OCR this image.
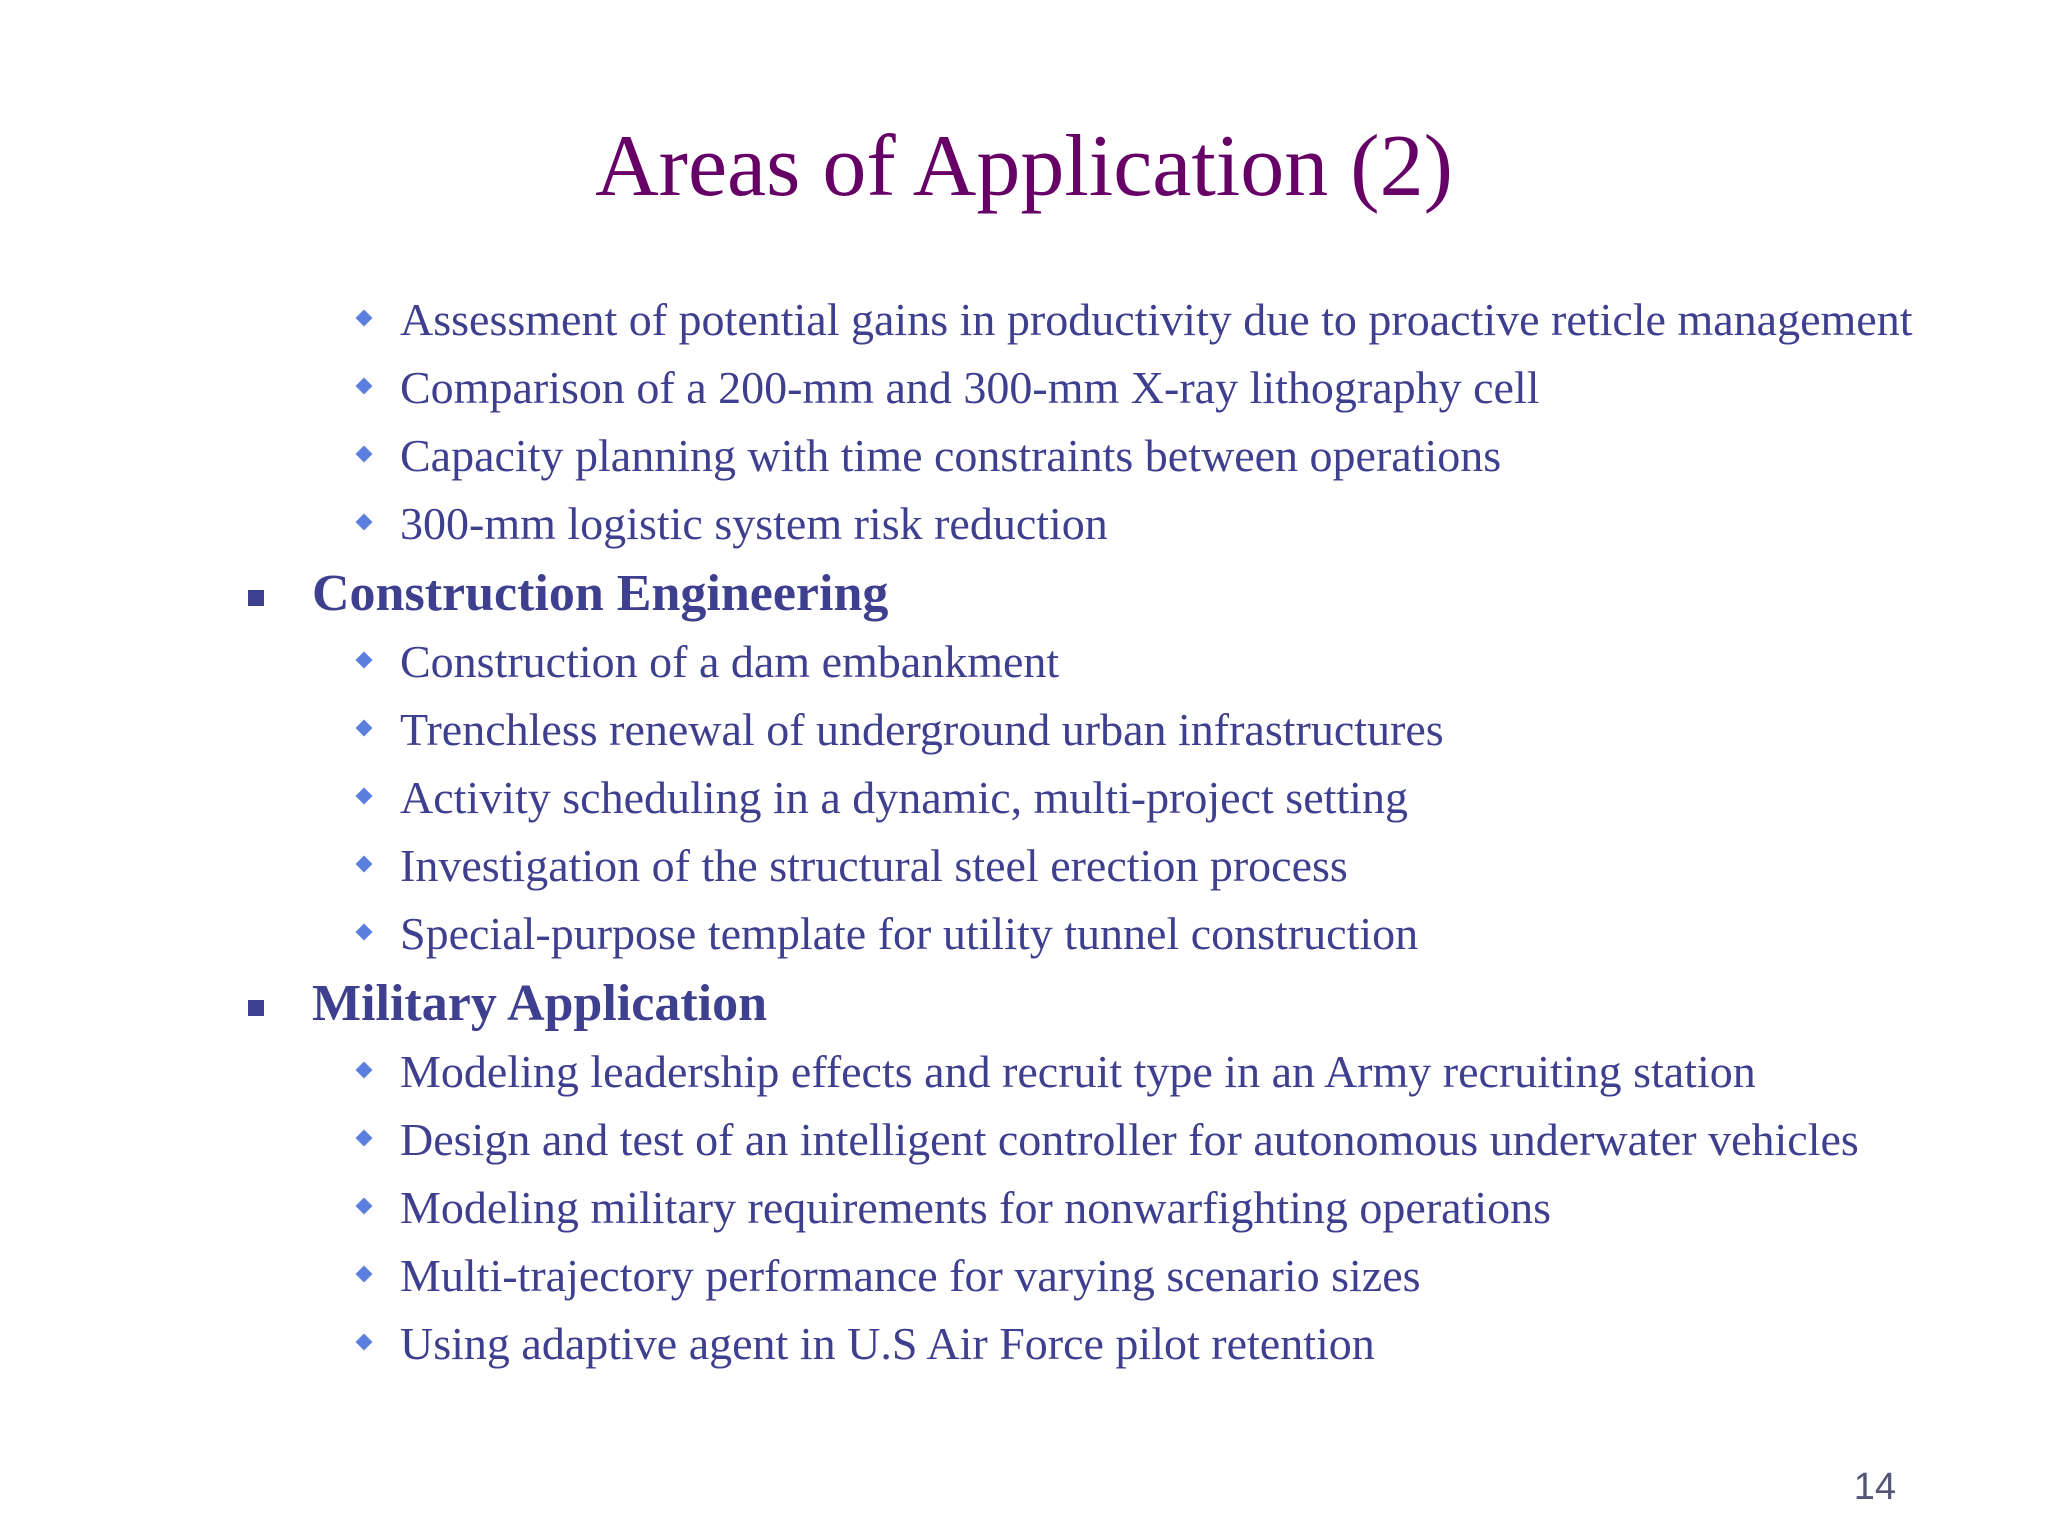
Areas of Application (2)
Assessment of potential gains in productivity due to proactive reticle management
Comparison of a 200-mm and 300-mm X-ray lithography cell
Capacity planning with time constraints between operations
300-mm logistic system risk reduction
Construction Engineering
Construction of a dam embankment
Trenchless renewal of underground urban infrastructures
Activity scheduling in a dynamic, multi-project setting
Investigation of the structural steel erection process
Special-purpose template for utility tunnel construction
Military Application
Modeling leadership effects and recruit type in an Army recruiting station
Design and test of an intelligent controller for autonomous underwater vehicles
Modeling military requirements for nonwarfighting operations
Multi-trajectory performance for varying scenario sizes
Using adaptive agent in U.S Air Force pilot retention
14
